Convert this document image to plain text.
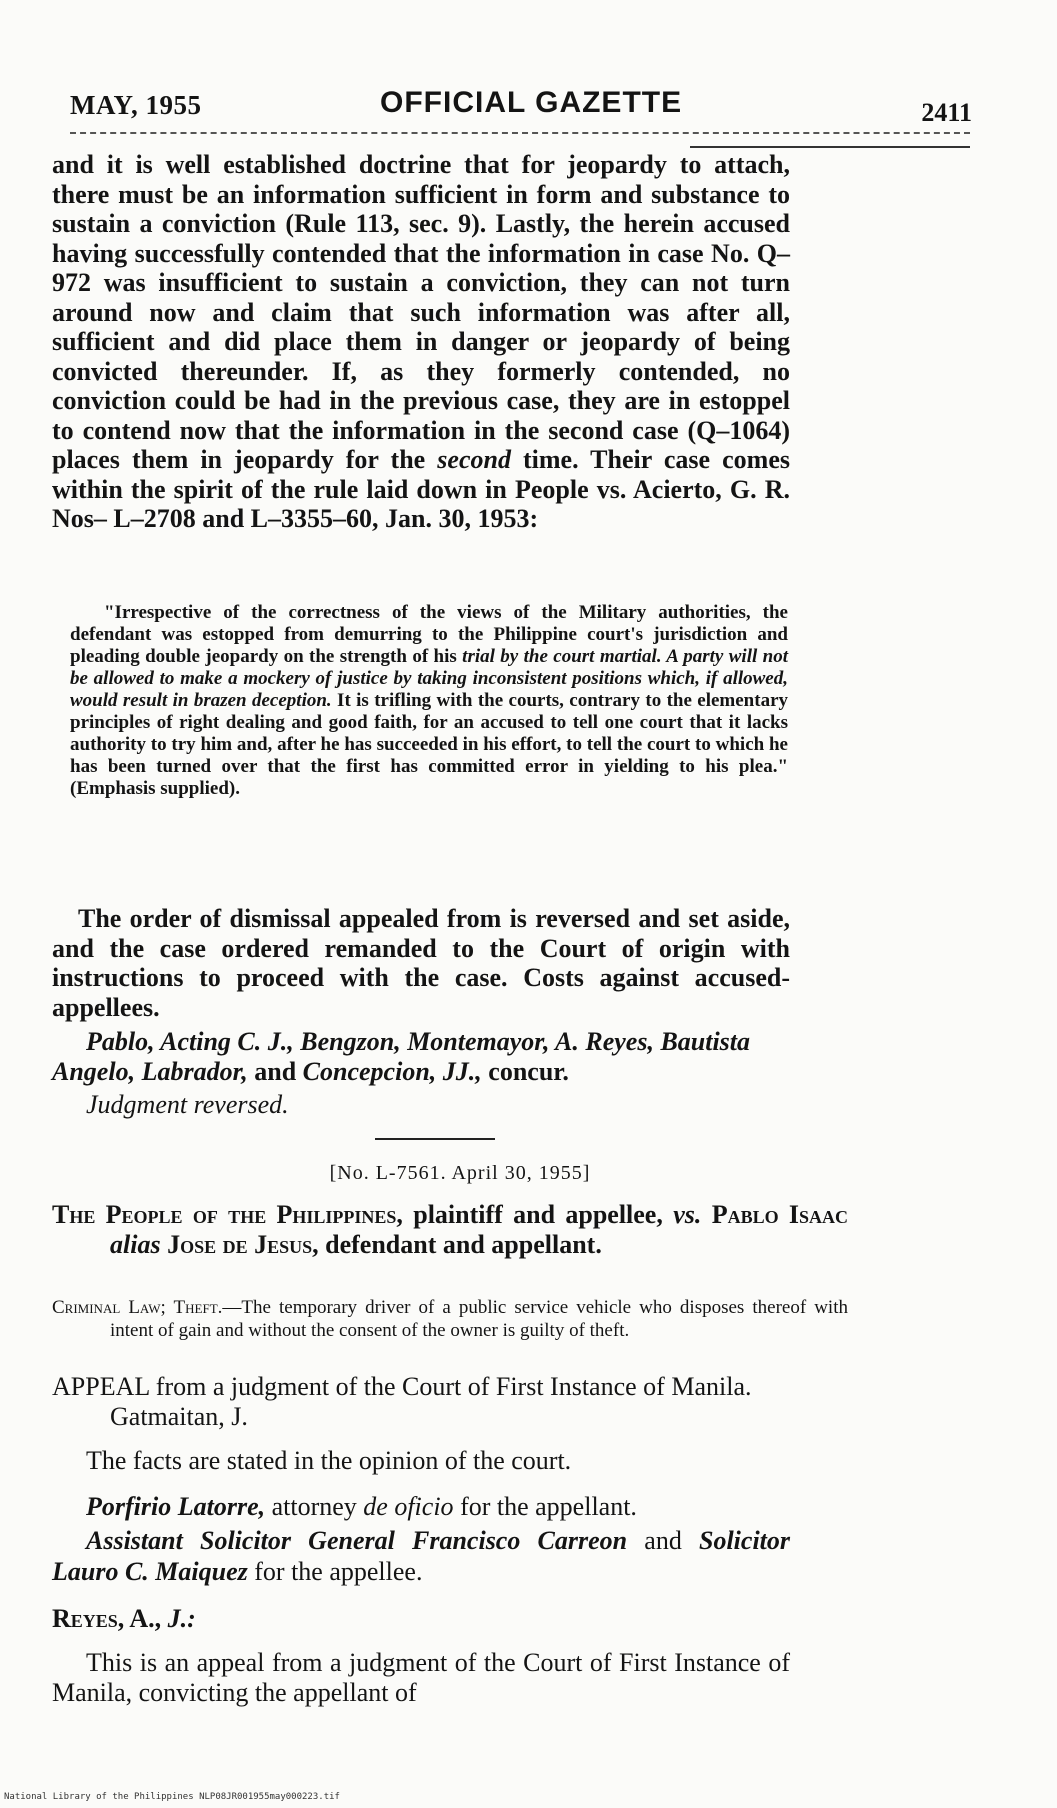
MAY, 1955	OFFICIAL GAZETTE	2411
and it is well established doctrine that for jeopardy to attach, there must be an information sufficient in form and substance to sustain a conviction (Rule 113, sec. 9). Lastly, the herein accused having successfully contended that the information in case No. Q–972 was insufficient to sustain a conviction, they can not turn around now and claim that such information was after all, sufficient and did place them in danger or jeopardy of being convicted thereunder. If, as they formerly contended, no conviction could be had in the previous case, they are in estoppel to contend now that the information in the second case (Q–1064) places them in jeopardy for the second time. Their case comes within the spirit of the rule laid down in People vs. Acierto, G. R. Nos– L–2708 and L–3355–60, Jan. 30, 1953:
"Irrespective of the correctness of the views of the Military authorities, the defendant was estopped from demurring to the Philippine court's jurisdiction and pleading double jeopardy on the strength of his trial by the court martial. A party will not be allowed to make a mockery of justice by taking inconsistent positions which, if allowed, would result in brazen deception. It is trifling with the courts, contrary to the elementary principles of right dealing and good faith, for an accused to tell one court that it lacks authority to try him and, after he has succeeded in his effort, to tell the court to which he has been turned over that the first has committed error in yielding to his plea." (Emphasis supplied).
The order of dismissal appealed from is reversed and set aside, and the case ordered remanded to the Court of origin with instructions to proceed with the case. Costs against accused-appellees.
Pablo, Acting C. J., Bengzon, Montemayor, A. Reyes, Bautista Angelo, Labrador, and Concepcion, JJ., concur.
Judgment reversed.
[No. L-7561. April 30, 1955]
The People of the Philippines, plaintiff and appellee, vs. Pablo Isaac alias Jose de Jesus, defendant and appellant.
Criminal Law; Theft.—The temporary driver of a public service vehicle who disposes thereof with intent of gain and without the consent of the owner is guilty of theft.
APPEAL from a judgment of the Court of First Instance of Manila. Gatmaitan, J.
The facts are stated in the opinion of the court.
Porfirio Latorre, attorney de oficio for the appellant.
Assistant Solicitor General Francisco Carreon and Solicitor Lauro C. Maiquez for the appellee.
Reyes, A., J.:
This is an appeal from a judgment of the Court of First Instance of Manila, convicting the appellant of
National Library of the Philippines NLP08JR001955may000223.tif
